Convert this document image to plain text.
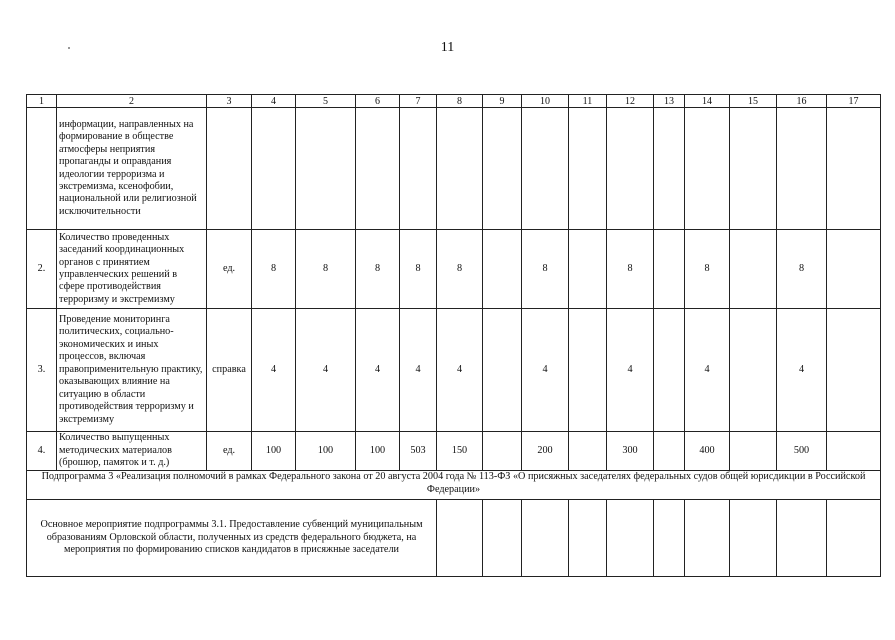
11
1	2	3	4	5	6	7	8	9	10	11	12	13	14	15	16	17
	информации, направленных на формирование в обществе атмосферы неприятия пропаганды и оправдания идеологии терроризма и экстремизма, ксенофобии, национальной или религиозной исключительности															
2.	Количество проведенных заседаний координационных органов с принятием управленческих решений в сфере противодействия терроризму и экстремизму	ед.	8	8	8	8	8		8		8		8		8	
3.	Проведение мониторинга политических, социально-экономических и иных процессов, включая правоприменительную практику, оказывающих влияние на ситуацию в области противодействия терроризму и экстремизму	справка	4	4	4	4	4		4		4		4		4	
4.	Количество выпущенных методических материалов (брошюр, памяток и т. д.)	ед.	100	100	100	503	150		200		300		400		500	
Подпрограмма 3 «Реализация полномочий в рамках Федерального закона от 20 августа 2004 года № 113-ФЗ «О присяжных заседателях федеральных судов общей юрисдикции в Российской Федерации»																
Основное мероприятие подпрограммы 3.1. Предоставление субвенций муниципальным образованиям Орловской области, полученных из средств федерального бюджета, на мероприятия по формированию списков кандидатов в присяжные заседатели																
